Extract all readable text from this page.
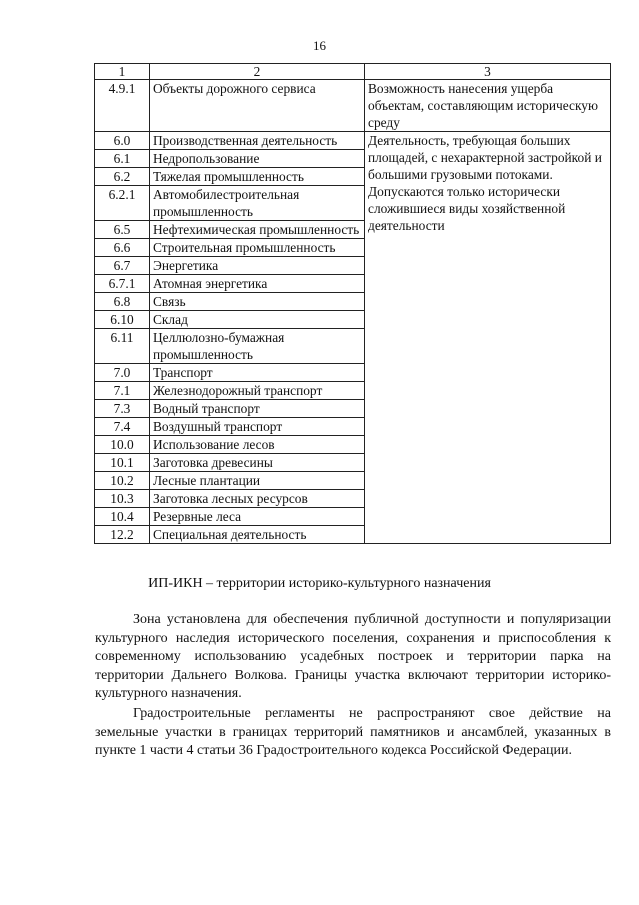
16
1	2	3
4.9.1	Объекты дорожного сервиса	Возможность нанесения ущерба объектам, составляющим историческую среду
6.0	Производственная деятельность	Деятельность, требующая больших площадей, с нехарактерной застройкой и большими грузовыми потоками. Допускаются только исторически сложившиеся виды хозяйственной деятельности
6.1	Недропользование	
6.2	Тяжелая промышленность	
6.2.1	Автомобилестроительная промышленность	
6.5	Нефтехимическая промышленность	
6.6	Строительная промышленность	
6.7	Энергетика	
6.7.1	Атомная энергетика	
6.8	Связь	
6.10	Склад	
6.11	Целлюлозно-бумажная промышленность	
7.0	Транспорт	
7.1	Железнодорожный транспорт	
7.3	Водный транспорт	
7.4	Воздушный транспорт	
10.0	Использование лесов	
10.1	Заготовка древесины	
10.2	Лесные плантации	
10.3	Заготовка лесных ресурсов	
10.4	Резервные леса	
12.2	Специальная деятельность	
ИП-ИКН – территории историко-культурного назначения

Зона установлена для обеспечения публичной доступности и популяризации культурного наследия исторического поселения, сохранения и приспособления к современному использованию усадебных построек и территории парка на территории Дальнего Волкова. Границы участка включают территории историко-культурного назначения.

Градостроительные регламенты не распространяют свое действие на земельные участки в границах территорий памятников и ансамблей, указанных в пункте 1 части 4 статьи 36 Градостроительного кодекса Российской Федерации.
